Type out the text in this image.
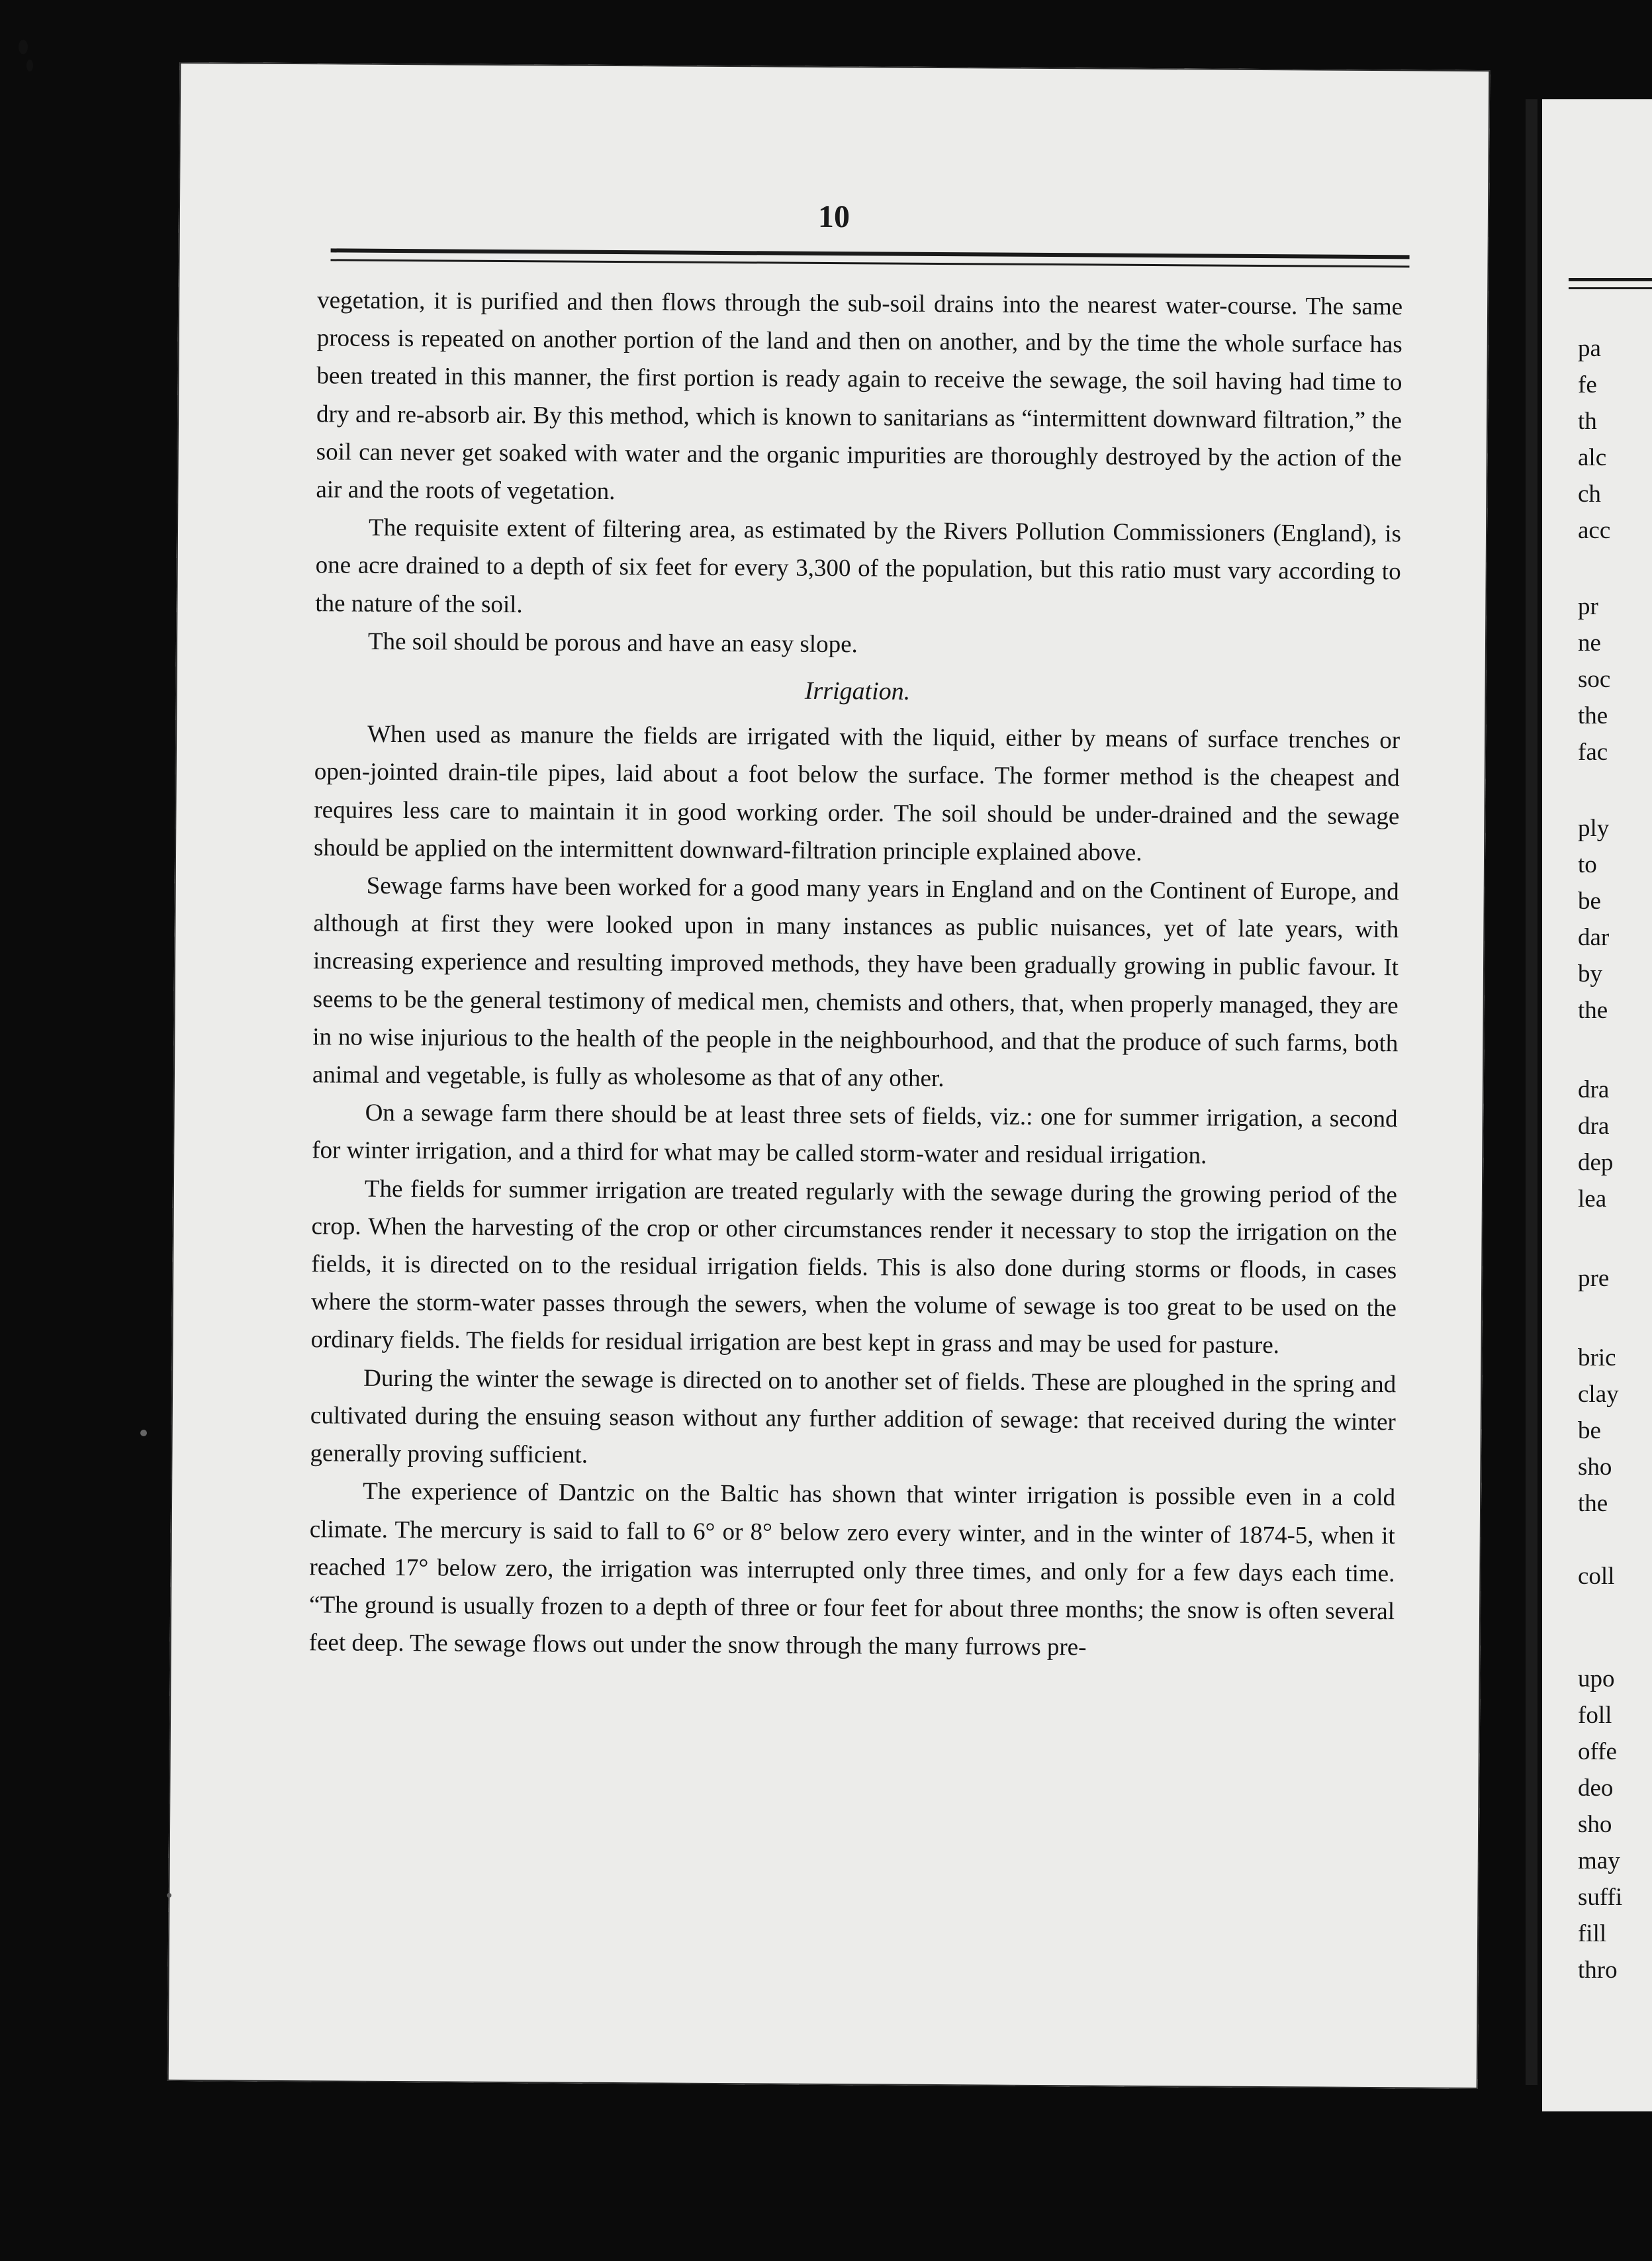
10

vegetation, it is purified and then flows through the sub-soil drains into the nearest water-course. The same process is repeated on another portion of the land and then on another, and by the time the whole surface has been treated in this manner, the first portion is ready again to receive the sewage, the soil having had time to dry and re-absorb air. By this method, which is known to sanitarians as “intermittent downward filtration,” the soil can never get soaked with water and the organic impurities are thoroughly destroyed by the action of the air and the roots of vegetation.

The requisite extent of filtering area, as estimated by the Rivers Pollution Commissioners (England), is one acre drained to a depth of six feet for every 3,300 of the population, but this ratio must vary according to the nature of the soil.

The soil should be porous and have an easy slope.

Irrigation.

When used as manure the fields are irrigated with the liquid, either by means of surface trenches or open-jointed drain-tile pipes, laid about a foot below the surface. The former method is the cheapest and requires less care to maintain it in good working order. The soil should be under-drained and the sewage should be applied on the intermittent downward-filtration principle explained above.

Sewage farms have been worked for a good many years in England and on the Continent of Europe, and although at first they were looked upon in many instances as public nuisances, yet of late years, with increasing experience and resulting improved methods, they have been gradually growing in public favour. It seems to be the general testimony of medical men, chemists and others, that, when properly managed, they are in no wise injurious to the health of the people in the neighbourhood, and that the produce of such farms, both animal and vegetable, is fully as wholesome as that of any other.

On a sewage farm there should be at least three sets of fields, viz.: one for summer irrigation, a second for winter irrigation, and a third for what may be called storm-water and residual irrigation.

The fields for summer irrigation are treated regularly with the sewage during the growing period of the crop. When the harvesting of the crop or other circumstances render it necessary to stop the irrigation on the fields, it is directed on to the residual irrigation fields. This is also done during storms or floods, in cases where the storm-water passes through the sewers, when the volume of sewage is too great to be used on the ordinary fields. The fields for residual irrigation are best kept in grass and may be used for pasture.

During the winter the sewage is directed on to another set of fields. These are ploughed in the spring and cultivated during the ensuing season without any further addition of sewage: that received during the winter generally proving sufficient.

The experience of Dantzic on the Baltic has shown that winter irrigation is possible even in a cold climate. The mercury is said to fall to 6° or 8° below zero every winter, and in the winter of 1874-5, when it reached 17° below zero, the irrigation was interrupted only three times, and only for a few days each time. “The ground is usually frozen to a depth of three or four feet for about three months; the snow is often several feet deep. The sewage flows out under the snow through the many furrows pre-

pa
fe
th
alc
ch
acc
pr
ne
soc
the
fac
ply
to
be
dar
by
the
dra
dra
dep
lea
pre
bric
clay
be
sho
the
coll
upo
foll
offe
deo
sho
may
suffi
fill
thro
